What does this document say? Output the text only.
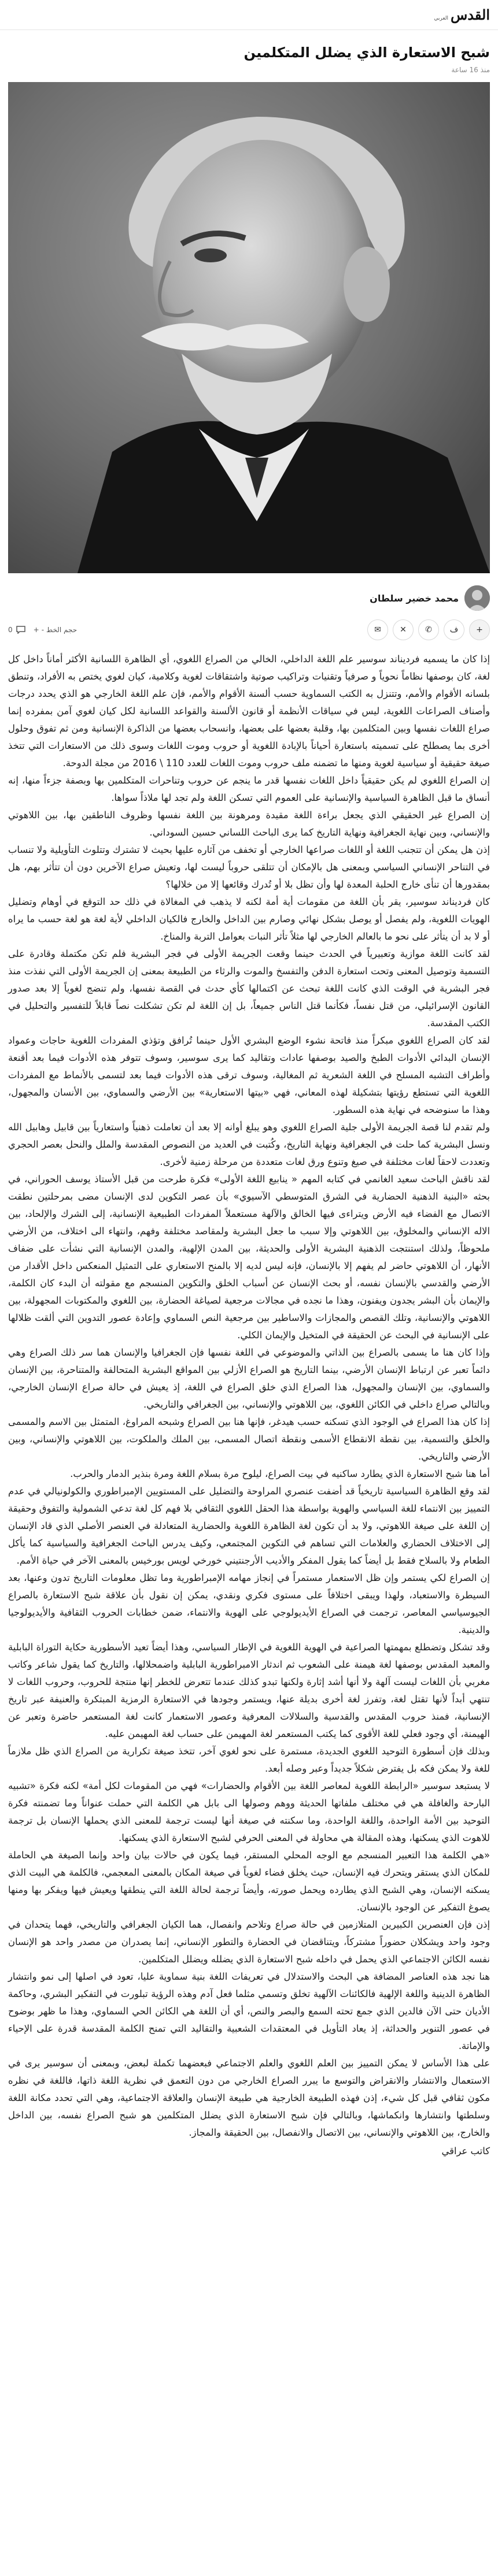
القدس
العربي
شبح الاستعارة الذي يضلل المتكلمين
منذ 16 ساعة
محمد خضير سلطان
+
ف
✆
✕
✉
حجم الخط
-
+
0

إذا كان ما يسميه فرديناند سوسير علم اللغة الداخلي، الخالي من الصراع اللغوي، أي الظاهرة اللسانية الأكثر أماناً داخل كل لغة، كان بوصفها نظاماً نحوياً و صرفياً وتقنيات وتراكيب صوتية واشتقاقات لغوية وكلامية، كيان لغوي يختص به الأفراد، وتنطق بلسانه الأقوام والأمم، وتتنزل به الكتب السماوية حسب ألسنة الأقوام والأمم، فإن علم اللغة الخارجي هو الذي يحدد درجات وأصناف الصراعات اللغوية، ليس في سياقات الأنظمة أو قانون الألسنة والقواعد اللسانية لكل كيان لغوي آمن بمفرده إنما صراع اللغات نفسها وبين المتكلمين بها، وقلبة بعضها على بعضها، وانسحاب بعضها من الذاكرة الإنسانية ومن ثم تفوق وحلول أخرى بما يصطلح على تسميته باستعارة أحياناً بالإبادة اللغوية أو حروب وموت اللغات وسوى ذلك من الاستعارات التي تتخذ صيغة حقيقية أو سياسية لغوية ومنها ما تضمنه ملف حروب وموت اللغات للعدد 110 \ 2016 من مجلة الدوحة.

إن الصراع اللغوي لم يكن حقيقياً داخل اللغات نفسها قدر ما ينجم عن حروب وتناحرات المتكلمين بها وبصفة جزءاً منها، إنه أنساق ما قبل الظاهرة السياسية والإنسانية على العموم التي تسكن اللغة ولم تجد لها ملاذاً سواها.

إن الصراع غير الحقيقي الذي يجعل براءة اللغة مقيدة ومرهونة بين اللغة نفسها وظروف الناطقين بها، بين اللاهوتي والإنساني، وبين نهاية الجغرافية ونهاية التاريخ كما يرى الباحث اللساني حسين السوداني.

إذن هل يمكن أن تتجنب اللغة أو اللغات صراعها الخارجي أو تخفف من آثاره عليها بحيث لا تشترك وتتلوث التأويلية ولا تنساب في التناحر الإنساني السياسي وبمعنى هل بالإمكان أن تتلقى حروباً ليست لها، وتعيش صراع الآخرين دون أن تتأثر بهم، هل بمقدورها أن تنأى خارج الحلبة المعدة لها وأن تظل بلا أو تُدرك وقائعها إلا من خلالها؟

كان فرديناند سوسير، يقر بأن اللغة من مقومات أية أمة لكنه لا يذهب في المغالاة في ذلك حد التوقع في أوهام وتضليل الهويات اللغوية، ولم يفصل أو يوصل بشكل نهائي وصارم بين الداخل والخارج فالكيان الداخلي لأية لغة هو لغة حسب ما يراه أو لا بد أن يتأثر على نحو ما بالعالم الخارجي لها مثلاً تأثر النبات بعوامل التربة والمناخ.

لقد كانت اللغة موازية وتعبيرياً في الحدث حينما وقعت الجريمة الأولى في فجر البشرية فلم تكن مكتملة وقادرة على التسمية وتوصيل المعنى وتحت استعارة الدفن والتفسخ والموت والرثاء من الطبيعة بمعنى إن الجريمة الأولى التي نفذت منذ فجر البشرية في الوقت الذي كانت اللغة تبحث عن اكتمالها كأي حدث في القصة نفسها، ولم تنضج لغوياً إلا بعد صدور القانون الإسرائيلي، من قتل نفساً، فكأنما قتل الناس جميعاً، بل إن اللغة لم تكن تشكلت نصاً قابلاً للتفسير والتحليل في الكتب المقدسة.

لقد كان الصراع اللغوي مبكراً منذ فاتحة نشوء الوضع البشري الأول حينما تُرافق وتؤذي المفردات اللغوية حاجات وعمواد الإنسان البدائي الأدوات الطبخ والصيد بوصفها عادات وتقاليد كما يرى سوسير، وسوف تتوفر هذه الأدوات فيما بعد أقنعة وأطراف التشبه المسلح في اللغة الشعرية ثم المغالية، وسوف ترقى هذه الأدوات فيما بعد لتسمى بالأنماط مع المفردات اللغوية التي تستطع رؤيتها بتشكيلة لهذه المعاني، فهي «بيتها الاستعارية» بين الأرضي والسماوي، بين الأنسان والمجهول، وهذا ما سنوضحه في نهاية هذه السطور.

ولم تقدم لنا قصة الجريمة الأولى جلية الصراع اللغوي وهو يبلغ أوانه إلا بعد أن تعاملت ذهنياً واستعارياً بين قابيل وهابيل الله ونسل البشرية كما حلت في الجغرافية ونهاية التاريخ، وكُتبت في العديد من النصوص المقدسة والملل والنحل بعصر الحجري وتعددت لاحقاً لغات مختلفة في صيغ وتنوع ورق لغات متعددة من مرحلة زمنية لأخرى.

لقد ناقش الباحث سعيد الغانمي في كتابه المهم « ينابيع اللغة الأولى» فكرة طرحت من قبل الأستاذ يوسف الحوراني، في بحثه «البنية الذهنية الحضارية في الشرق المتوسطي الآسيوي» بأن عصر التكوين لدى الإنسان مضى بمرحلتين نطقت الاتصال مع الفضاء فيه الأرض ويتراءى فيها الخالق والآلهة مستعملاً المفردات الطبيعية الإنسانية، إلى الشرك والإلحاد، بين الاله الإنساني والمخلوق، بين اللاهوتي وإلا سبب ما جعل البشرية ولمقاصد مختلفة وفهم، وانتهاء الى اختلاف، من الأرضي ملحوظاً، ولذلك استنتجت الذهنية البشرية الأولى والحديثة، بين المدن الإلهية، والمدن الإنسانية التي نشأت على ضفاف الأنهار، أن اللاهوتي حاضر لم يفهم إلا بالإنسان، فإنه ليس لديه إلا بالمنح الاستعاري على التمثيل المنعكس داخل الأقدار من الأرضي والقدسي بالإنسان نفسه، أو بحث الإنسان عن أسباب الخلق والتكوين المنسجم مع مقولته أن البدء كان الكلمة، والإيمان بأن البشر يجدون ويفنون، وهذا ما نجده في مجالات مرجعية لصياغة الحضارة، بين اللغوي والمكتوبات المجهولة، بين اللاهوتي والإنسانية، وتلك القصص والمجازات والاساطير بين مرجعية النص السماوي وإعادة عصور التدوين التي ألقت ظلالها على الإنسانية في البحث عن الحقيقة في المتخيل والإيمان الكلي.

وإذا كان هنا ما يسمى بالصراع بين الذاتي والموضوعي في اللغة نفسها فإن الجغرافيا والإنسان هما سر ذلك الصراع وهي دائماً تعبر عن ارتباط الإنسان الأرضي، بينما التاريخ هو الصراع الأزلي بين المواقع البشرية المتحالفة والمتناحرة، بين الإنسان والسماوي، بين الإنسان والمجهول، هذا الصراع الذي خلق الصراع في اللغة، إذ يعيش في حالة صراع الإنسان الخارجي، وبالتالي صراع داخلي في الكائن اللغوي، بين اللاهوتي والإنساني، بين الجغرافي والتاريخي.

إذا كان هذا الصراع في الوجود الذي تسكنه حسب هيدغر، فإنها هنا بين الصراع وشبحه المراوغ، المتمثل بين الاسم والمسمى والخلق والتسمية، بين نقطة الانقطاع الأسمى ونقطة اتصال المسمى، بين الملك والملكوت، بين اللاهوتي والإنساني، وبين الأرضي والتاريخي.

أما هنا شبح الاستعارة الذي يطارد ساكنيه في بيت الصراع، ليلوح مرة بسلام اللغة ومرة بنذير الدمار والحرب.

لقد وقع الظاهرة السياسية تاريخياً قد أضفت عنصري المراوحة والتضليل على المستويين الإمبراطوري والكولونيالي في عدم التمييز بين الانتماء للغة السياسي والهوية بواسطة هذا الحقل اللغوي الثقافي بلا فهم كل لغة تدعي الشمولية والتفوق وحقيقة إن اللغة على صيغة اللاهوتي، ولا بد أن تكون لغة الظاهرة اللغوية والحضارية المتعادلة في العنصر الأصلي الذي قاد الإنسان إلى الاختلاف الحضاري والعلامات التي تساهم في التكوين المجتمعي، وكيف يدرس الباحث الجغرافية والسياسية كما يأكل الطعام ولا بالسلاح فقط بل أيضاً كما يقول المفكر والأديب الأرجنتيني خورخي لويس بورخيس بالمعنى الآخر في حياة الأمم.

إن الصراع لكي يستمر وإن ظل الاستعمار مستمراً في إنجاز مهامه الإمبراطورية وما تظل معلومات التاريخ تدون وعنها، بعد السيطرة والاستعباد، ولهذا ويبقى اختلافاً على مستوى فكري ونقدي، يمكن إن نقول بأن علاقة شبح الاستعارة بالصراع الجيوسياسي المعاصر، ترجمت في الصراع الأيديولوجي على الهوية والانتماء، ضمن خطابات الحروب الثقافية والأيديولوجيا والدينية.

وقد تشكل وتضطلع بمهمتها الصراعية في الهوية اللغوية في الإطار السياسي، وهذا أيضاً تعيد الأسطورية حكاية التوراة البابلية والمعبد المقدس بوصفها لغة هيمنة على الشعوب ثم اندثار الامبراطورية البابلية واضمحلالها، والتاريخ كما يقول شاعر وكاتب مغربي بأن اللغات ليست آلهة ولا أنها أشد إثارة ولكنها تبدو كذلك عندما تتعرض للخطر إنها منتجة للحروب، وحروب اللغات لا تنتهي أبداً لأنها تقتل لغة، وتفرز لغة أخرى بديلة عنها، ويستمر وجودها في الاستعارة الرمزية المبتكرة والعنيفة عبر تاريخ الإنسانية، فمنذ حروب المقدس والقدسية والسلالات المعرفية وعصور الاستعمار كانت لغة المستعمر حاضرة وتعبر عن الهيمنة، أي وجود فعلي للغة الأقوى كما يكتب المستعمر لغة المهيمن على حساب لغة المهيمن عليه.

وبذلك فإن أسطورة التوحيد اللغوي الجديدة، مستمرة على نحو لغوي آخر، تتخذ صيغة تكرارية من الصراع الذي ظل ملازماً للغة ولا يمكن فكه بل يفترض شكلاً جديداً وعبر وصله أبعد.

لا يستبعد سوسير «الرابطة اللغوية لمعاصر اللغة بين الأقوام والحضارات» فهي من المقومات لكل أمة» لكنه فكرة «تشبيه البارحة والغافلة هي في مختلف ملفاتها الحديثة ووهم وصولها الى بابل هي الكلمة التي حملت عنواناً وما تضمنته فكرة التوحيد بين الأمة الواحدة، واللغة الواحدة، وما سكنته في صيغة أنها ليست ترجمة للمعنى الذي يحملها الإنسان بل ترجمة للاهوت الذي يسكنها، وهذه المقالة هي محاولة في المعنى الحرفي لشبح الاستعارة الذي يسكنها.

«هي الكلمة هذا التعبير المنسجم مع الوجه المحلي المستقر، فيما يكون في حالات بيان واحد وإنما الصيغة هي الحاملة للمكان الذي يستقر ويتحرك فيه الإنسان، حيث يخلق فضاء لغوياً في صيغة المكان بالمعنى المعجمي، فالكلمة هي البيت الذي يسكنه الإنسان، وهي الشبح الذي يطارده ويحمل صورته، وأيضاً ترجمة لحالة اللغة التي ينطقها ويعيش فيها ويفكر بها ومنها يصوغ التفكير عن الوجود بالإنسان.

إذن فإن العنصرين الكبيرين المتلازمين في حالة صراع وتلاحم وانفصال، هما الكيان الجغرافي والتاريخي، فهما يتحدان في وجود واحد ويشكلان حضوراً مشتركاً، ويتناقضان في الحضارة والتطور الإنساني، إنما يصدران من مصدر واحد هو الإنسان نفسه الكائن الاجتماعي الذي يحمل في داخله شبح الاستعارة الذي يضلله ويضلل المتكلمين.

هنا نجد هذه العناصر المضافة هي البحث والاستدلال في تعريفات اللغة بنية سماوية عليا، تعود في اصلها إلى نمو وانتشار الظاهرة الدينية واللغة الإلهية فالكائنات الآلهية تخلق وتسمي مثلما فعل آدم وهذه الرؤية تبلورت في التفكير البشري، وحاكمة الأديان حتى الآن فالدين الذي جمع تحته السمع والبصر والنص، أي أن اللغة هي الكائن الحي السماوي، وهذا ما ظهر بوضوح في عصور التنوير والحداثة، إذ يعاد التأويل في المعتقدات الشعبية والتقاليد التي تمنح الكلمة المقدسة قدرة على الإحياء والإماتة.

على هذا الأساس لا يمكن التمييز بين العلم اللغوي والعلم الاجتماعي فبعضهما تكملة لبعض، وبمعنى أن سوسير يرى في الاستعمال والانتشار والانقراض والتوسع ما يبرر الصراع الخارجي من دون التعمق في نظرية اللغة ذاتها، فاللغة في نظره مكون ثقافي قبل كل شيء، إذن فهذه الطبيعة الخارجية هي طبيعة الإنسان والعلاقة الاجتماعية، وهي التي تحدد مكانة اللغة وسلطتها وانتشارها وانكماشها، وبالتالي فإن شبح الاستعارة الذي يضلل المتكلمين هو شبح الصراع نفسه، بين الداخل والخارج، بين اللاهوتي والإنساني، بين الاتصال والانفصال، بين الحقيقة والمجاز.

كاتب عراقي
